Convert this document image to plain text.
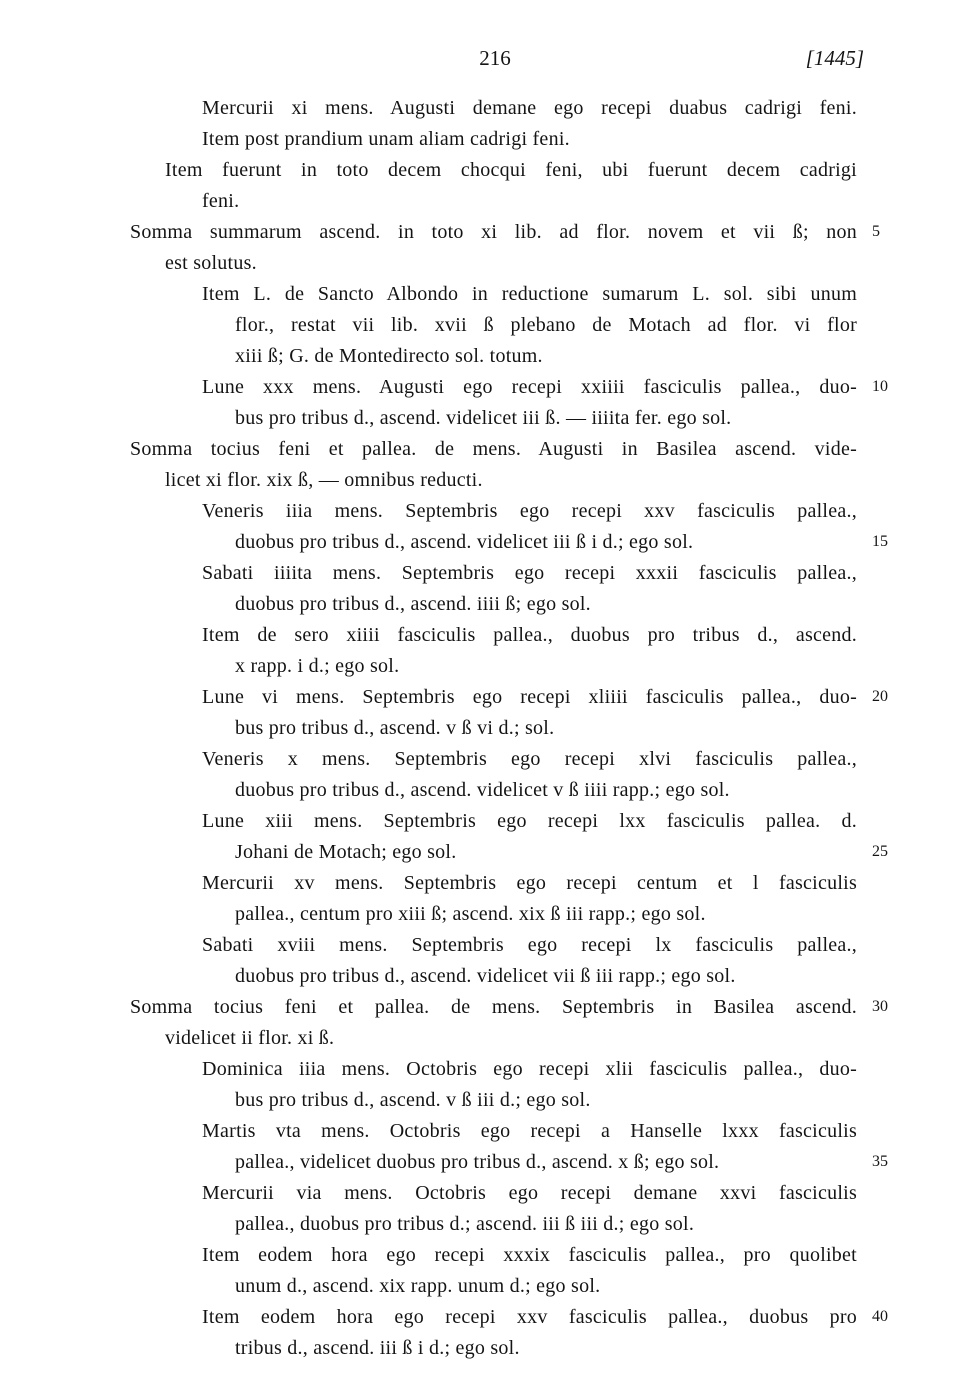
216	[1445]
Mercurii xi mens. Augusti demane ego recepi duabus cadrigi feni.
Item post prandium unam aliam cadrigi feni.
Item fuerunt in toto decem chocqui feni, ubi fuerunt decem cadrigi
feni.
Somma summarum ascend. in toto xi lib. ad flor. novem et vii ß; non
est solutus.
Item L. de Sancto Albondo in reductione sumarum L. sol. sibi unum
flor., restat vii lib. xvii ß plebano de Motach ad flor. vi flor
xiii ß; G. de Montedirecto sol. totum.
Lune xxx mens. Augusti ego recepi xxiiii fasciculis pallea., duo-
bus pro tribus d., ascend. videlicet iii ß. — iiiita fer. ego sol.
Somma tocius feni et pallea. de mens. Augusti in Basilea ascend. vide-
licet xi flor. xix ß, — omnibus reducti.
Veneris iiia mens. Septembris ego recepi xxv fasciculis pallea.,
duobus pro tribus d., ascend. videlicet iii ß i d.; ego sol.
Sabati iiiita mens. Septembris ego recepi xxxii fasciculis pallea.,
duobus pro tribus d., ascend. iiii ß; ego sol.
Item de sero xiiii fasciculis pallea., duobus pro tribus d., ascend.
x rapp. i d.; ego sol.
Lune vi mens. Septembris ego recepi xliiii fasciculis pallea., duo-
bus pro tribus d., ascend. v ß vi d.; sol.
Veneris x mens. Septembris ego recepi xlvi fasciculis pallea.,
duobus pro tribus d., ascend. videlicet v ß iiii rapp.; ego sol.
Lune xiii mens. Septembris ego recepi lxx fasciculis pallea. d.
Johani de Motach; ego sol.
Mercurii xv mens. Septembris ego recepi centum et l fasciculis
pallea., centum pro xiii ß; ascend. xix ß iii rapp.; ego sol.
Sabati xviii mens. Septembris ego recepi lx fasciculis pallea.,
duobus pro tribus d., ascend. videlicet vii ß iii rapp.; ego sol.
Somma tocius feni et pallea. de mens. Septembris in Basilea ascend.
videlicet ii flor. xi ß.
Dominica iiia mens. Octobris ego recepi xlii fasciculis pallea., duo-
bus pro tribus d., ascend. v ß iii d.; ego sol.
Martis vta mens. Octobris ego recepi a Hanselle lxxx fasciculis
pallea., videlicet duobus pro tribus d., ascend. x ß; ego sol.
Mercurii via mens. Octobris ego recepi demane xxvi fasciculis
pallea., duobus pro tribus d.; ascend. iii ß iii d.; ego sol.
Item eodem hora ego recepi xxxix fasciculis pallea., pro quolibet
unum d., ascend. xix rapp. unum d.; ego sol.
Item eodem hora ego recepi xxv fasciculis pallea., duobus pro
tribus d., ascend. iii ß i d.; ego sol.
5
10
15
20
25
30
35
40
